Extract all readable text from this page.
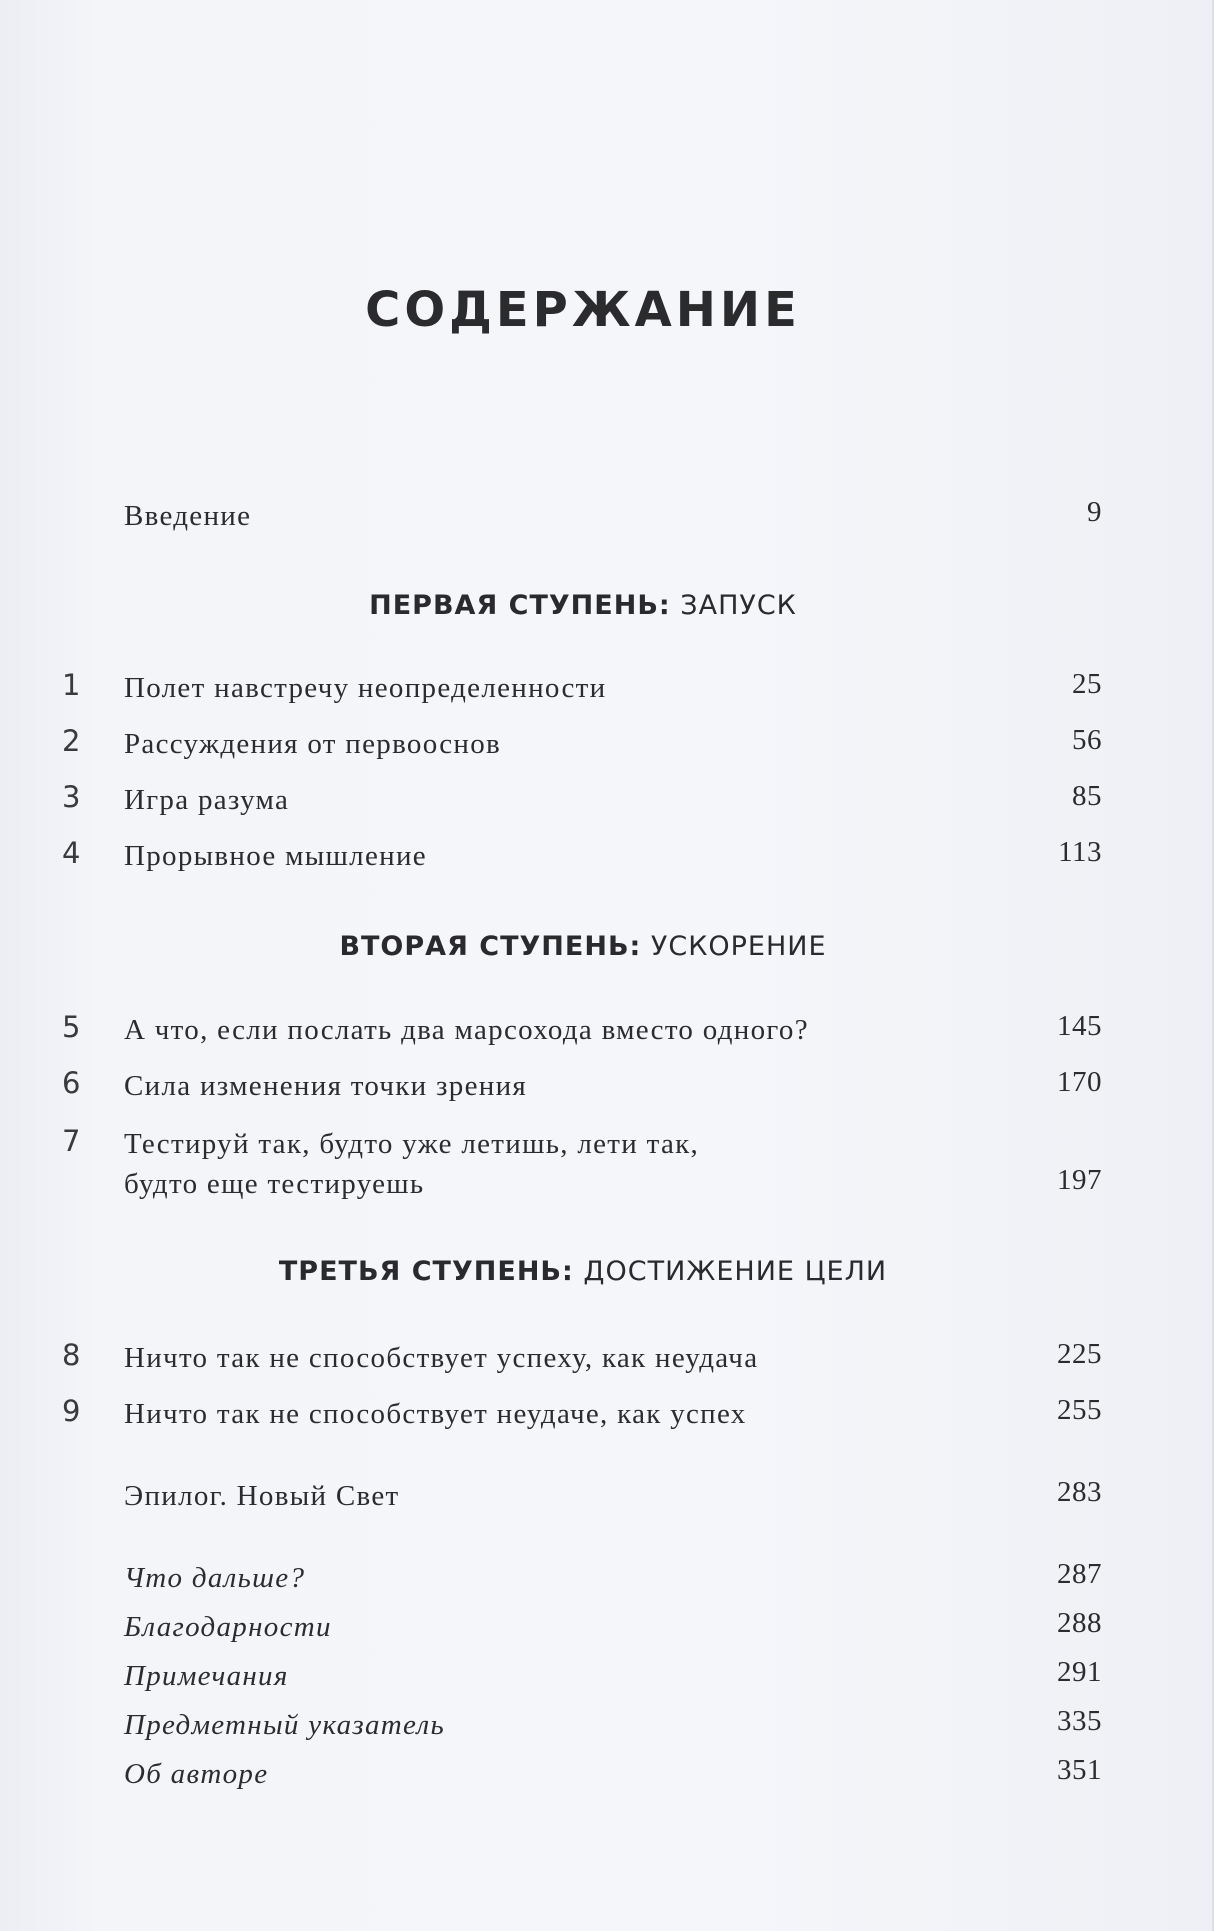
СОДЕРЖАНИЕ
Введение	9
ПЕРВАЯ СТУПЕНЬ: ЗАПУСК
1	Полет навстречу неопределенности	25
2	Рассуждения от первооснов	56
3	Игра разума	85
4	Прорывное мышление	113
ВТОРАЯ СТУПЕНЬ: УСКОРЕНИЕ
5	А что, если послать два марсохода вместо одного?	145
6	Сила изменения точки зрения	170
7	Тестируй так, будто уже летишь, лети так,
будто еще тестируешь	197
ТРЕТЬЯ СТУПЕНЬ: ДОСТИЖЕНИЕ ЦЕЛИ
8	Ничто так не способствует успеху, как неудача	225
9	Ничто так не способствует неудаче, как успех	255
Эпилог. Новый Свет	283
Что дальше?	287
Благодарности	288
Примечания	291
Предметный указатель	335
Об авторе	351
